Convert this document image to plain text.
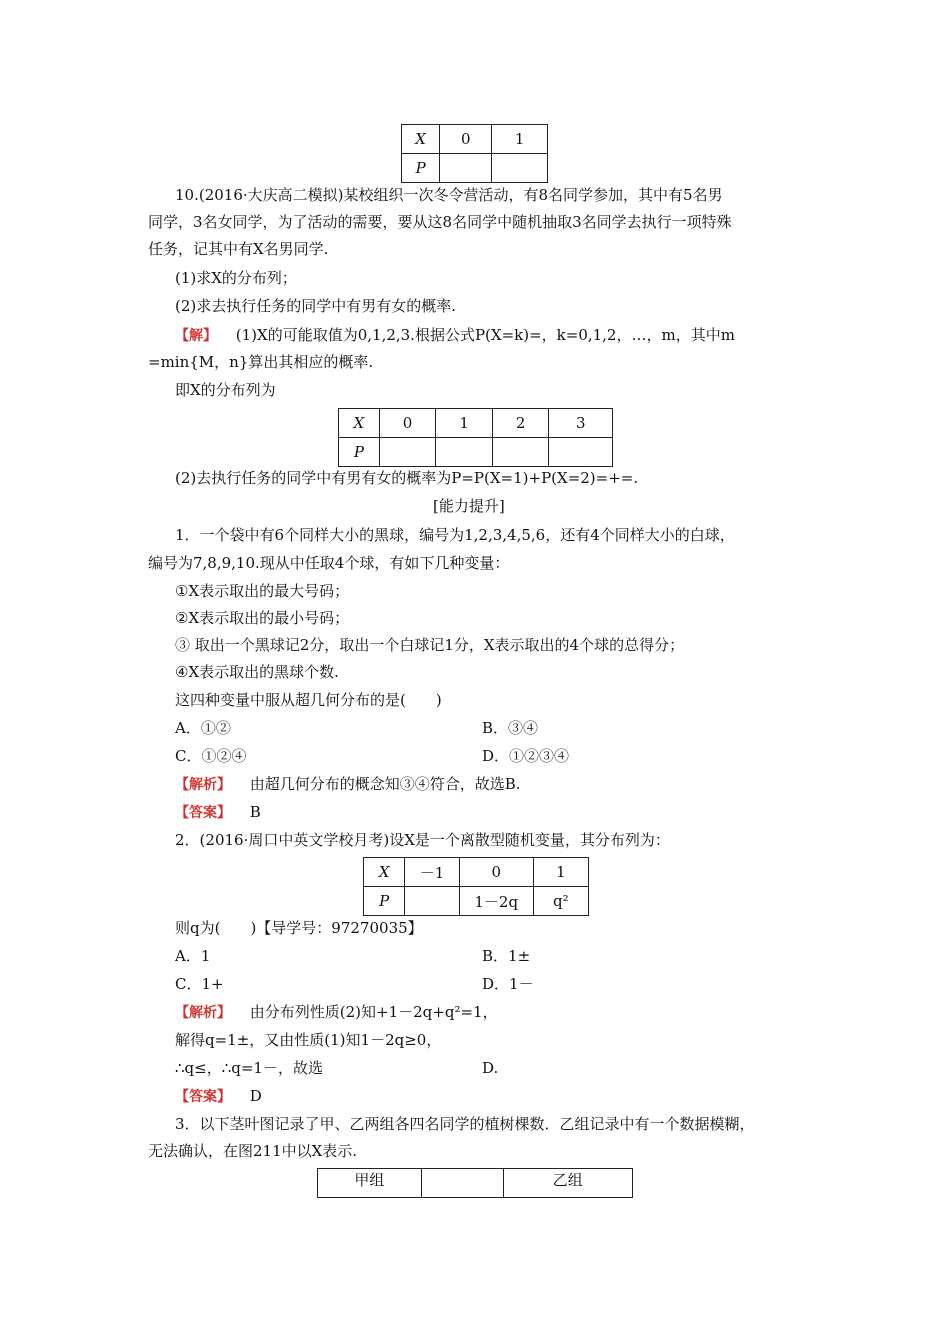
X	0	1
P		
10.(2016·大庆高二模拟)某校组织一次冬令营活动，有8名同学参加，其中有5名男
同学，3名女同学，为了活动的需要，要从这8名同学中随机抽取3名同学去执行一项特殊
任务，记其中有X名男同学.
(1)求X的分布列；
(2)求去执行任务的同学中有男有女的概率.
【解】 (1)X的可能取值为0,1,2,3.根据公式P(X=k)=，k=0,1,2，…，m，其中m
=min{M，n}算出其相应的概率.
即X的分布列为
X	0	1	2	3
P				
(2)去执行任务的同学中有男有女的概率为P=P(X=1)+P(X=2)=+=.
[能力提升]
1．一个袋中有6个同样大小的黑球，编号为1,2,3,4,5,6，还有4个同样大小的白球，
编号为7,8,9,10.现从中任取4个球，有如下几种变量：
①X表示取出的最大号码；
②X表示取出的最小号码；
③ 取出一个黑球记2分，取出一个白球记1分，X表示取出的4个球的总得分；
④X表示取出的黑球个数.
这四种变量中服从超几何分布的是(　　)
A．①②	B．③④
C．①②④	D．①②③④
【解析】 由超几何分布的概念知③④符合，故选B.
【答案】 B
2．(2016·周口中英文学校月考)设X是一个离散型随机变量，其分布列为：
X	－1	0	1
P		1－2q	q²
则q为(　　)【导学号：97270035】
A．1	B．1±
C．1+	D．1－
【解析】 由分布列性质(2)知+1－2q+q²=1，
解得q=1±，又由性质(1)知1－2q≥0，
∴q≤，∴q=1－，故选	D.
【答案】 D
3．以下茎叶图记录了甲、乙两组各四名同学的植树棵数．乙组记录中有一个数据模糊，
无法确认，在图211中以X表示.
甲组		乙组
